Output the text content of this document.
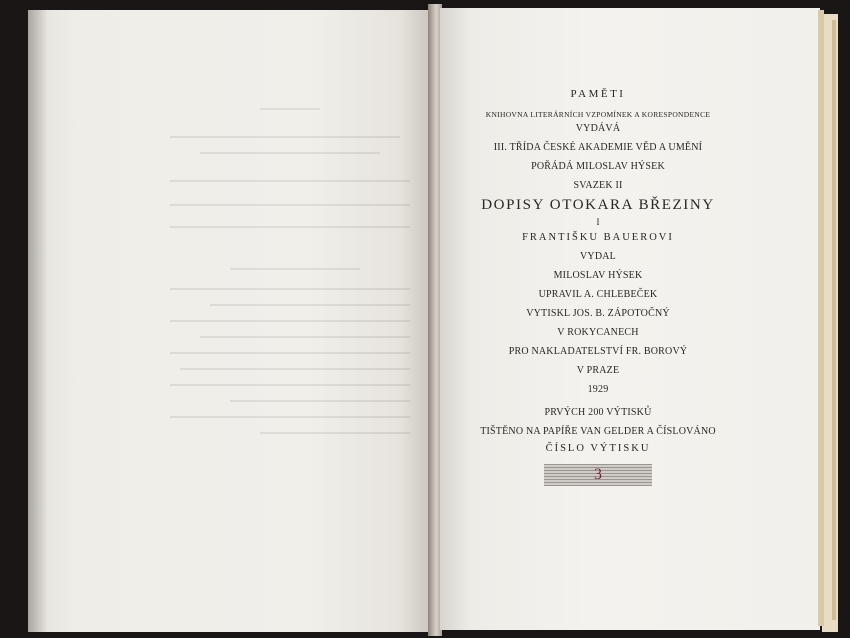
PAMĚTI
KNIHOVNA LITERÁRNÍCH VZPOMÍNEK A KORESPONDENCE
VYDÁVÁ
III. TŘÍDA ČESKÉ AKADEMIE VĚD A UMĚNÍ
POŘÁDÁ MILOSLAV HÝSEK
SVAZEK II
DOPISY OTOKARA BŘEZINY
I
FRANTIŠKU BAUEROVI
VYDAL
MILOSLAV HÝSEK
UPRAVIL A. CHLEBEČEK
VYTISKL JOS. B. ZÁPOTOČNÝ
V ROKYCANECH
PRO NAKLADATELSTVÍ FR. BOROVÝ
V PRAZE
1929
PRVÝCH 200 VÝTISKŮ
TIŠTĚNO NA PAPÍŘE VAN GELDER A ČÍSLOVÁNO
ČÍSLO VÝTISKU
3
